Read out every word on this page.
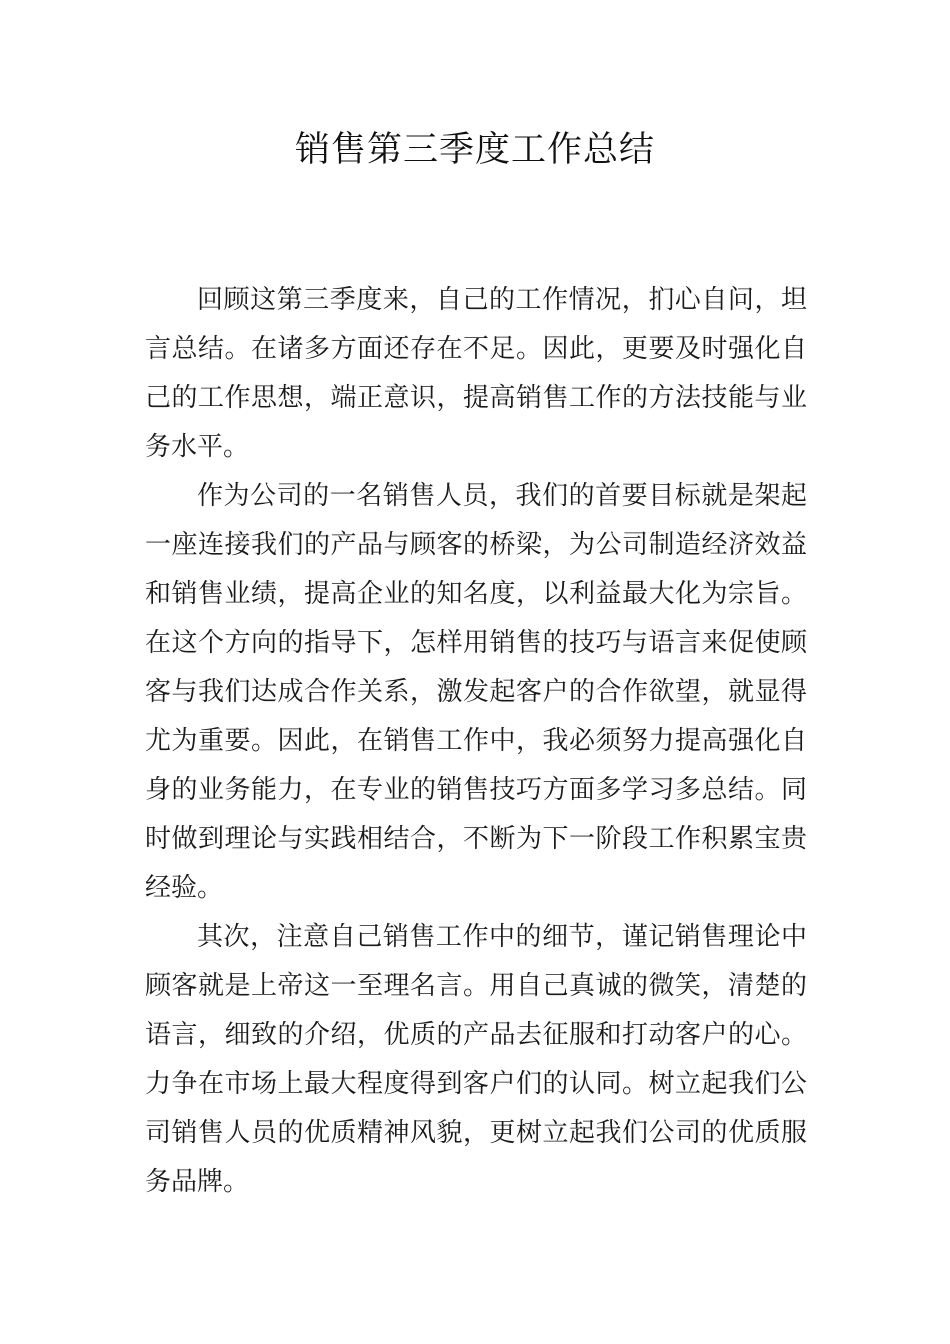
销售第三季度工作总结

回顾这第三季度来，自己的工作情况，扪心自问，坦言总结。在诸多方面还存在不足。因此，更要及时强化自己的工作思想，端正意识，提高销售工作的方法技能与业务水平。

作为公司的一名销售人员，我们的首要目标就是架起一座连接我们的产品与顾客的桥梁，为公司制造经济效益和销售业绩，提高企业的知名度，以利益最大化为宗旨。在这个方向的指导下，怎样用销售的技巧与语言来促使顾客与我们达成合作关系，激发起客户的合作欲望，就显得尤为重要。因此，在销售工作中，我必须努力提高强化自身的业务能力，在专业的销售技巧方面多学习多总结。同时做到理论与实践相结合，不断为下一阶段工作积累宝贵经验。

其次，注意自己销售工作中的细节，谨记销售理论中顾客就是上帝这一至理名言。用自己真诚的微笑，清楚的语言，细致的介绍，优质的产品去征服和打动客户的心。力争在市场上最大程度得到客户们的认同。树立起我们公司销售人员的优质精神风貌，更树立起我们公司的优质服务品牌。
